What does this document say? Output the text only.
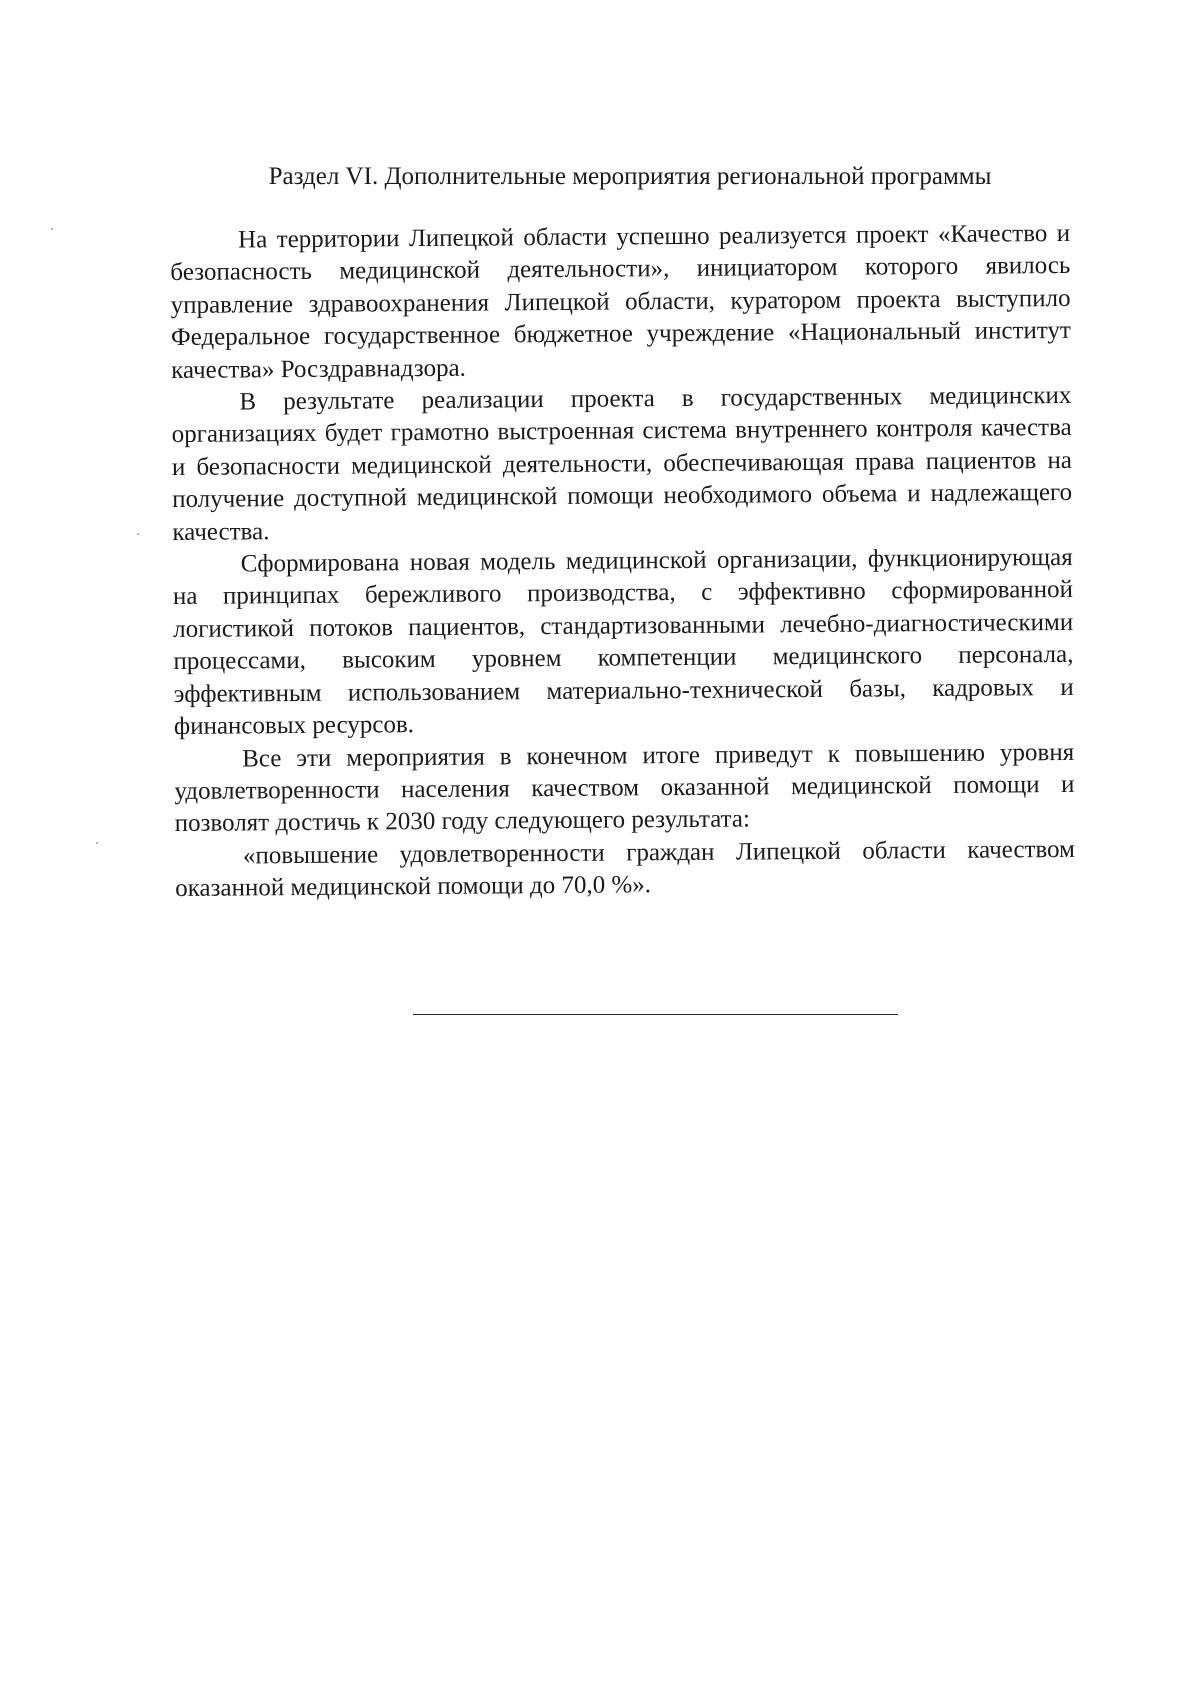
Раздел VI. Дополнительные мероприятия региональной программы

На территории Липецкой области успешно реализуется проект «Качество и безопасность медицинской деятельности», инициатором которого явилось управление здравоохранения Липецкой области, куратором проекта выступило Федеральное государственное бюджетное учреждение «Национальный институт качества» Росздравнадзора.

В результате реализации проекта в государственных медицинских организациях будет грамотно выстроенная система внутреннего контроля качества и безопасности медицинской деятельности, обеспечивающая права пациентов на получение доступной медицинской помощи необходимого объема и надлежащего качества.

Сформирована новая модель медицинской организации, функционирующая на принципах бережливого производства, с эффективно сформированной логистикой потоков пациентов, стандартизованными лечебно-диагностическими процессами, высоким уровнем компетенции медицинского персонала, эффективным использованием материально-технической базы, кадровых и финансовых ресурсов.

Все эти мероприятия в конечном итоге приведут к повышению уровня удовлетворенности населения качеством оказанной медицинской помощи и позволят достичь к 2030 году следующего результата:

«повышение удовлетворенности граждан Липецкой области качеством оказанной медицинской помощи до 70,0 %».
